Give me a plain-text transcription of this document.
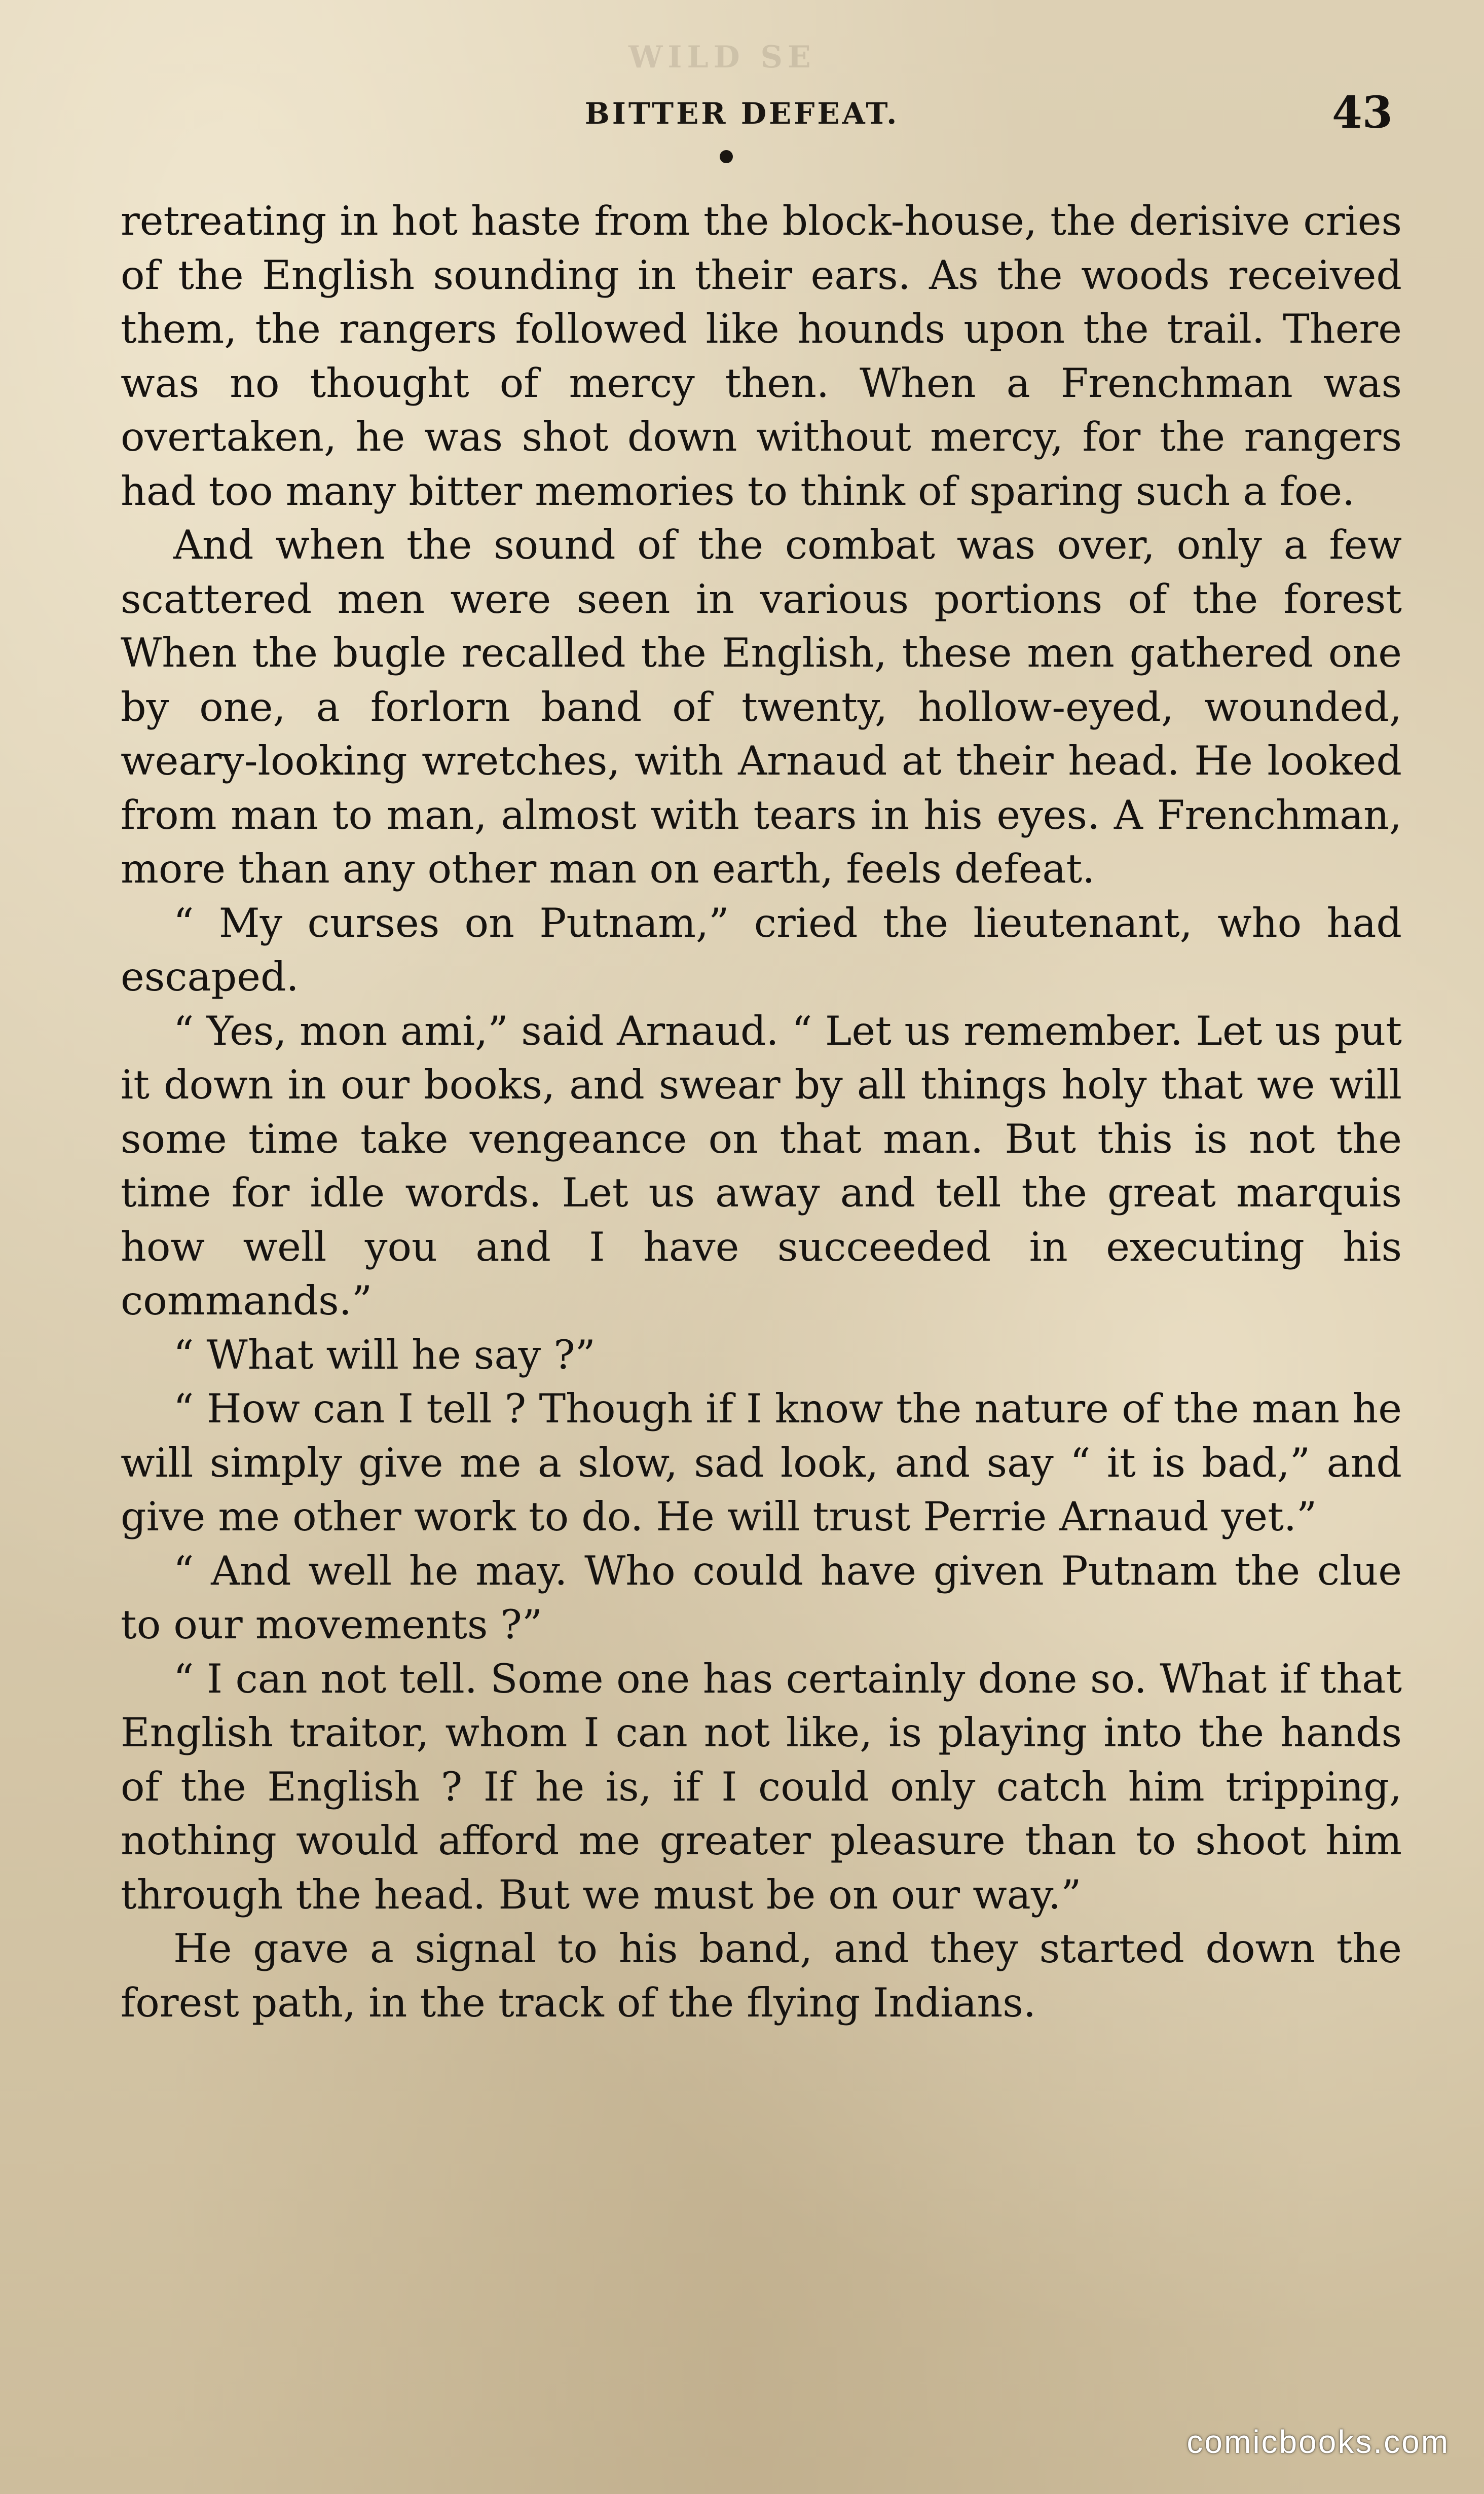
WILD SE
BITTER DEFEAT.	43

retreating in hot haste from the block-house, the derisive cries of the English sounding in their ears. As the woods received them, the rangers followed like hounds upon the trail. There was no thought of mercy then. When a Frenchman was overtaken, he was shot down without mercy, for the rangers had too many bitter memories to think of sparing such a foe.

And when the sound of the combat was over, only a few scattered men were seen in various portions of the forest When the bugle recalled the English, these men gathered one by one, a forlorn band of twenty, hollow-eyed, wounded, weary-looking wretches, with Arnaud at their head. He looked from man to man, almost with tears in his eyes. A Frenchman, more than any other man on earth, feels defeat.

“ My curses on Putnam,” cried the lieutenant, who had escaped.

“ Yes, mon ami,” said Arnaud. “ Let us remember. Let us put it down in our books, and swear by all things holy that we will some time take vengeance on that man. But this is not the time for idle words. Let us away and tell the great marquis how well you and I have succeeded in executing his commands.”

“ What will he say ?”

“ How can I tell ? Though if I know the nature of the man he will simply give me a slow, sad look, and say “ it is bad,” and give me other work to do. He will trust Perrie Arnaud yet.”

“ And well he may. Who could have given Putnam the clue to our movements ?”

“ I can not tell. Some one has certainly done so. What if that English traitor, whom I can not like, is playing into the hands of the English ? If he is, if I could only catch him tripping, nothing would afford me greater pleasure than to shoot him through the head. But we must be on our way.”

He gave a signal to his band, and they started down the forest path, in the track of the flying Indians.

comicbooks.com
